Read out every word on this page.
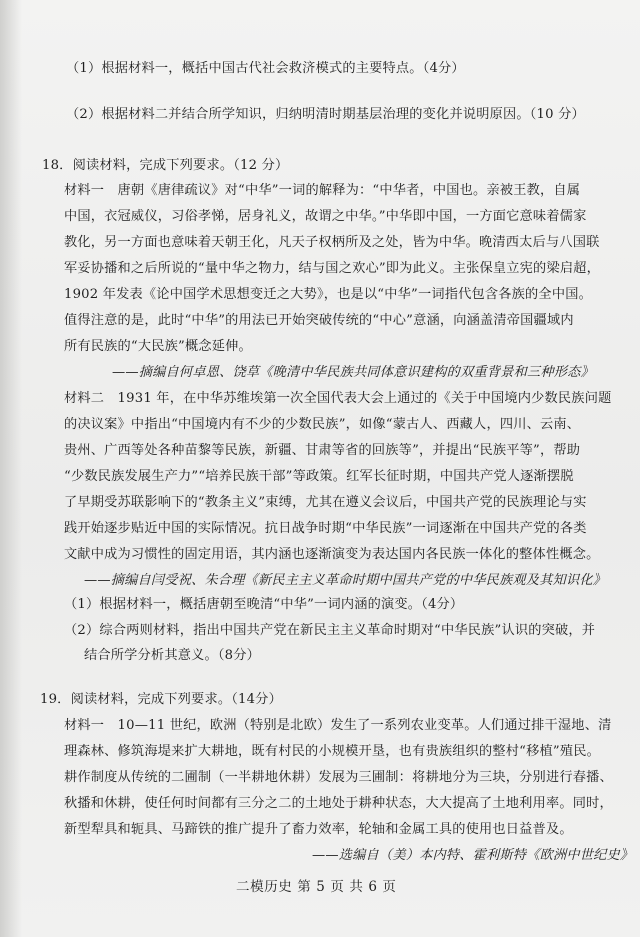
（1）根据材料一，概括中国古代社会救济模式的主要特点。（4分）
（2）根据材料二并结合所学知识，归纳明清时期基层治理的变化并说明原因。（10 分）
18．阅读材料，完成下列要求。（12 分）
材料一　唐朝《唐律疏议》对“中华”一词的解释为：“中华者，中国也。亲被王教，自属
中国，衣冠威仪，习俗孝悌，居身礼义，故谓之中华。”中华即中国，一方面它意味着儒家
教化，另一方面也意味着天朝王化，凡天子权柄所及之处，皆为中华。晚清西太后与八国联
军妥协播和之后所说的“量中华之物力，结与国之欢心”即为此义。主张保皇立宪的梁启超，
1902 年发表《论中国学术思想变迁之大势》，也是以“中华”一词指代包含各族的全中国。
值得注意的是，此时“中华”的用法已开始突破传统的“中心”意涵，向涵盖清帝国疆域内
所有民族的“大民族”概念延伸。
——摘编自何卓恩、饶草《晚清中华民族共同体意识建构的双重背景和三种形态》
材料二　1931 年，在中华苏维埃第一次全国代表大会上通过的《关于中国境内少数民族问题
的决议案》中指出“中国境内有不少的少数民族”，如像“蒙古人、西藏人，四川、云南、
贵州、广西等处各种苗黎等民族，新疆、甘肃等省的回族等”，并提出“民族平等”，帮助
“少数民族发展生产力”“培养民族干部”等政策。红军长征时期，中国共产党人逐渐摆脱
了早期受苏联影响下的“教条主义”束缚，尤其在遵义会议后，中国共产党的民族理论与实
践开始逐步贴近中国的实际情况。抗日战争时期“中华民族”一词逐渐在中国共产党的各类
文献中成为习惯性的固定用语，其内涵也逐渐演变为表达国内各民族一体化的整体性概念。
——摘编自闫受祝、朱合理《新民主主义革命时期中国共产党的中华民族观及其知识化》
（1）根据材料一，概括唐朝至晚清“中华”一词内涵的演变。（4分）
（2）综合两则材料，指出中国共产党在新民主主义革命时期对“中华民族”认识的突破，并
结合所学分析其意义。（8分）
19．阅读材料，完成下列要求。（14分）
材料一　10—11 世纪，欧洲（特别是北欧）发生了一系列农业变革。人们通过排干湿地、清
理森林、修筑海堤来扩大耕地，既有村民的小规模开垦，也有贵族组织的整村“移植”殖民。
耕作制度从传统的二圃制（一半耕地休耕）发展为三圃制：将耕地分为三块，分别进行春播、
秋播和休耕，使任何时间都有三分之二的土地处于耕种状态，大大提高了土地利用率。同时，
新型犁具和轭具、马蹄铁的推广提升了畜力效率，轮轴和金属工具的使用也日益普及。
——选编自（美）本内特、霍利斯特《欧洲中世纪史》
二模历史 第 5 页 共 6 页
